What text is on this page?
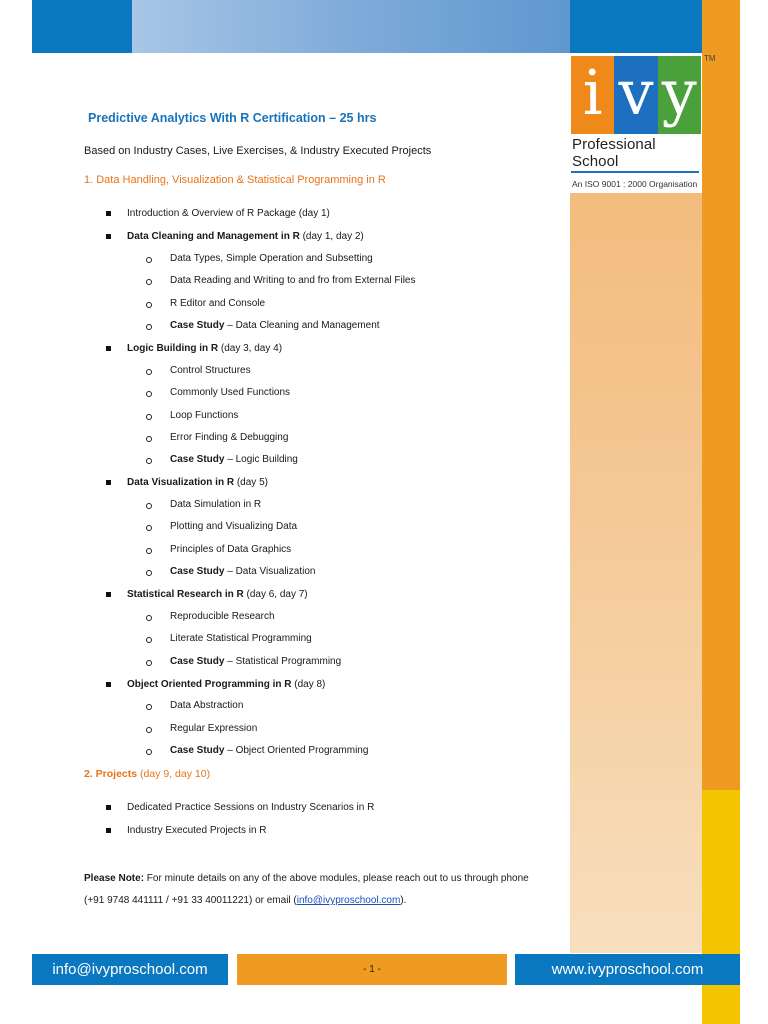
i v y
Professional School
An ISO 9001 : 2000 Organisation
TM
Predictive Analytics With R Certification – 25 hrs
Based on Industry Cases, Live Exercises, & Industry Executed Projects
1. Data Handling, Visualization & Statistical Programming in R
Introduction & Overview of R Package (day 1)
Data Cleaning and Management in R (day 1, day 2)
Data Types, Simple Operation and Subsetting
Data Reading and Writing to and fro from External Files
R Editor and Console
Case Study – Data Cleaning and Management
Logic Building in R (day 3, day 4)
Control Structures
Commonly Used Functions
Loop Functions
Error Finding & Debugging
Case Study – Logic Building
Data Visualization in R (day 5)
Data Simulation in R
Plotting and Visualizing Data
Principles of Data Graphics
Case Study – Data Visualization
Statistical Research in R (day 6, day 7)
Reproducible Research
Literate Statistical Programming
Case Study – Statistical Programming
Object Oriented Programming in R (day 8)
Data Abstraction
Regular Expression
Case Study – Object Oriented Programming
2. Projects (day 9, day 10)
Dedicated Practice Sessions on Industry Scenarios in R
Industry Executed Projects in R
Please Note: For minute details on any of the above modules, please reach out to us through phone
(+91 9748 441111 / +91 33 40011221) or email (info@ivyproschool.com).
info@ivyproschool.com	- 1 -	www.ivyproschool.com
